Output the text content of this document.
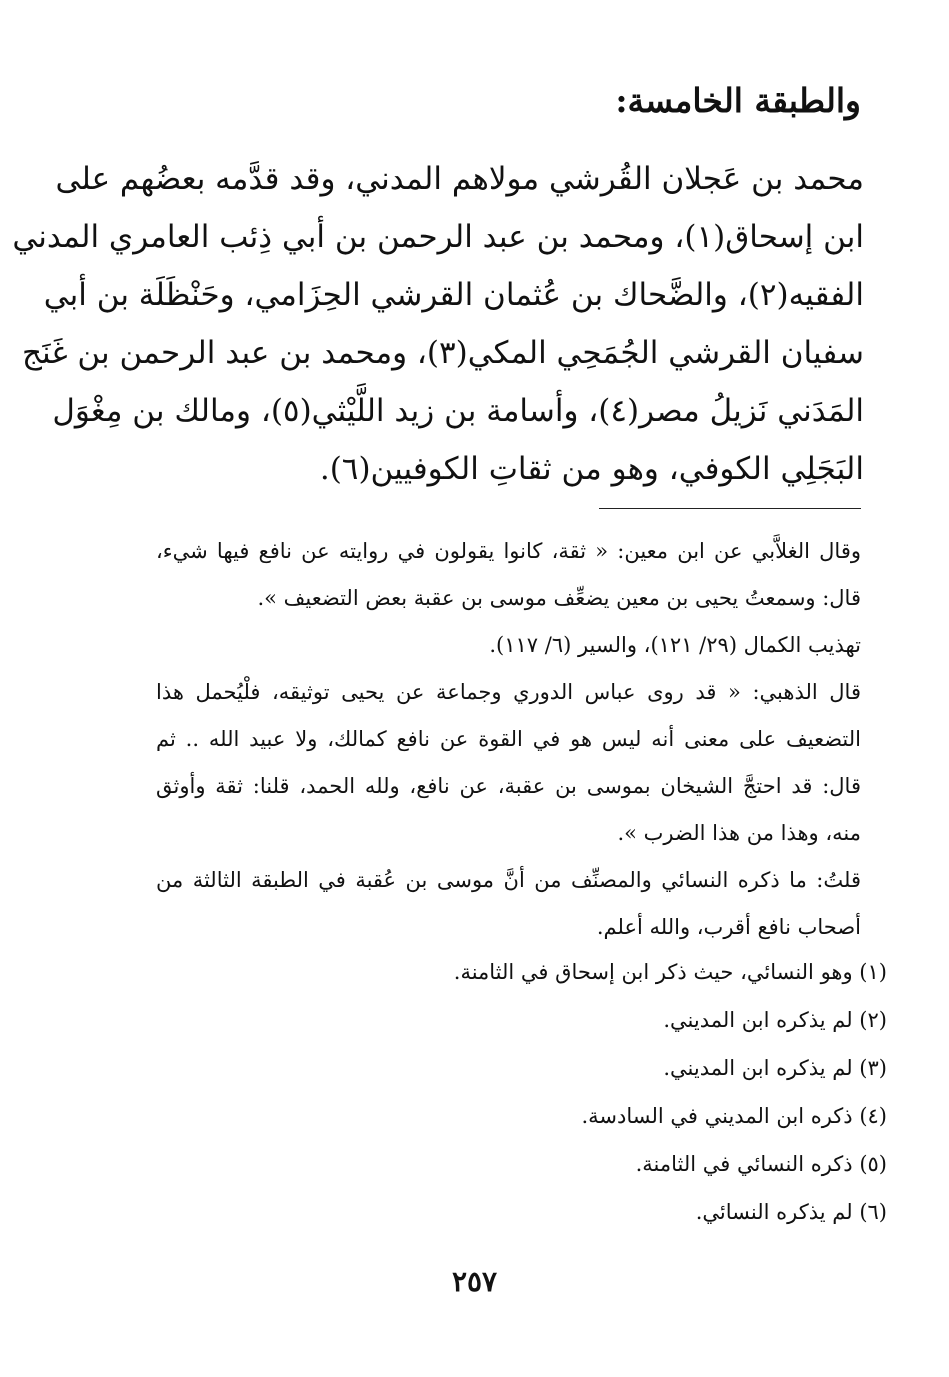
والطبقة الخامسة:
محمد بن عَجلان القُرشي مولاهم المدني، وقد قدَّمه بعضُهم على
ابن إسحاق(١)، ومحمد بن عبد الرحمن بن أبي ذِئب العامري المدني
الفقيه(٢)، والضَّحاك بن عُثمان القرشي الحِزَامي، وحَنْظَلَة بن أبي
سفيان القرشي الجُمَحِي المكي(٣)، ومحمد بن عبد الرحمن بن غَنَج
المَدَني نَزيلُ مصر(٤)، وأسامة بن زيد اللَّيْثي(٥)، ومالك بن مِغْوَل
البَجَلِي الكوفي، وهو من ثقاتِ الكوفيين(٦).
وقال الغلاَّبي عن ابن معين: « ثقة، كانوا يقولون في روايته عن نافع فيها شيء،
قال: وسمعتُ يحيى بن معين يضعِّف موسى بن عقبة بعض التضعيف ».
تهذيب الكمال (٢٩/ ١٢١)، والسير (٦/ ١١٧).
قال الذهبي: « قد روى عباس الدوري وجماعة عن يحيى توثيقه، فلْيُحمل هذا
التضعيف على معنى أنه ليس هو في القوة عن نافع كمالك، ولا عبيد الله .. ثم
قال: قد احتجَّ الشيخان بموسى بن عقبة، عن نافع، ولله الحمد، قلنا: ثقة وأوثق
منه، وهذا من هذا الضرب ».
قلتُ: ما ذكره النسائي والمصنِّف من أنَّ موسى بن عُقبة في الطبقة الثالثة من
أصحاب نافع أقرب، والله أعلم.
(١) وهو النسائي، حيث ذكر ابن إسحاق في الثامنة.
(٢) لم يذكره ابن المديني.
(٣) لم يذكره ابن المديني.
(٤) ذكره ابن المديني في السادسة.
(٥) ذكره النسائي في الثامنة.
(٦) لم يذكره النسائي.
٢٥٧
